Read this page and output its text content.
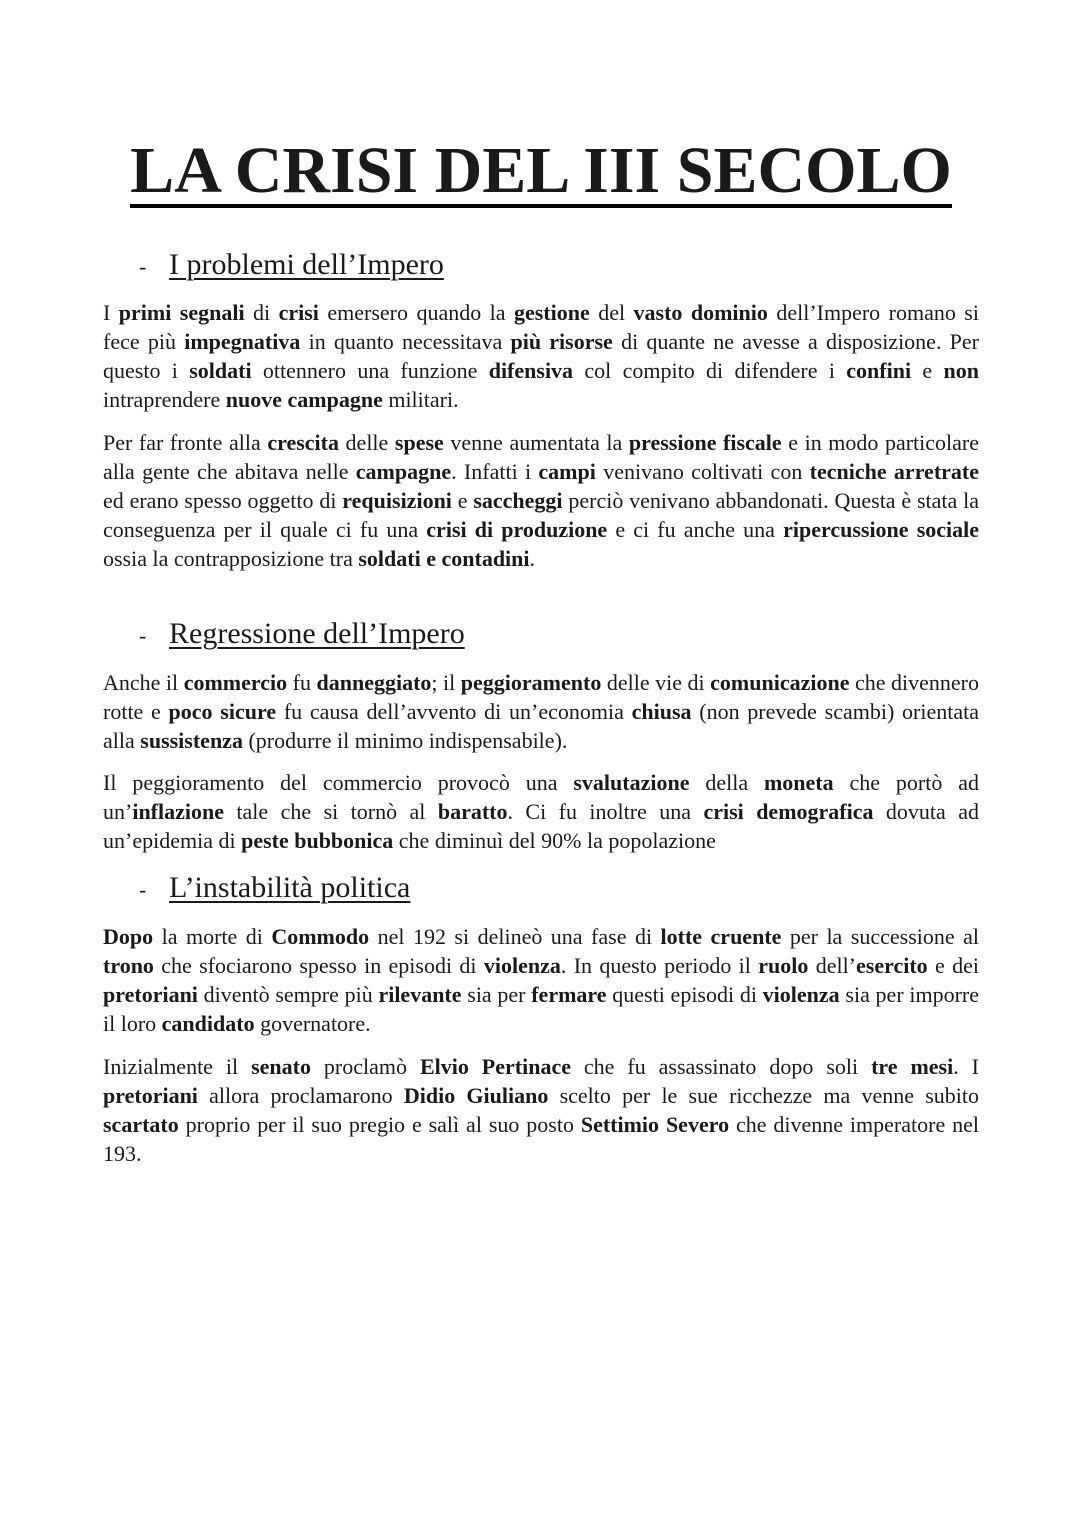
LA CRISI DEL III SECOLO
- I problemi dell’Impero

I primi segnali di crisi emersero quando la gestione del vasto dominio dell’Impero romano si fece più impegnativa in quanto necessitava più risorse di quante ne avesse a disposizione. Per questo i soldati ottennero una funzione difensiva col compito di difendere i confini e non intraprendere nuove campagne militari.

Per far fronte alla crescita delle spese venne aumentata la pressione fiscale e in modo particolare alla gente che abitava nelle campagne. Infatti i campi venivano coltivati con tecniche arretrate ed erano spesso oggetto di requisizioni e saccheggi perciò venivano abbandonati. Questa è stata la conseguenza per il quale ci fu una crisi di produzione e ci fu anche una ripercussione sociale ossia la contrapposizione tra soldati e contadini.

- Regressione dell’Impero

Anche il commercio fu danneggiato; il peggioramento delle vie di comunicazione che divennero rotte e poco sicure fu causa dell’avvento di un’economia chiusa (non prevede scambi) orientata alla sussistenza (produrre il minimo indispensabile).

Il peggioramento del commercio provocò una svalutazione della moneta che portò ad un’inflazione tale che si tornò al baratto. Ci fu inoltre una crisi demografica dovuta ad un’epidemia di peste bubbonica che diminuì del 90% la popolazione

- L’instabilità politica

Dopo la morte di Commodo nel 192 si delineò una fase di lotte cruente per la successione al trono che sfociarono spesso in episodi di violenza. In questo periodo il ruolo dell’esercito e dei pretoriani diventò sempre più rilevante sia per fermare questi episodi di violenza sia per imporre il loro candidato governatore.

Inizialmente il senato proclamò Elvio Pertinace che fu assassinato dopo soli tre mesi. I pretoriani allora proclamarono Didio Giuliano scelto per le sue ricchezze ma venne subito scartato proprio per il suo pregio e salì al suo posto Settimio Severo che divenne imperatore nel 193.
